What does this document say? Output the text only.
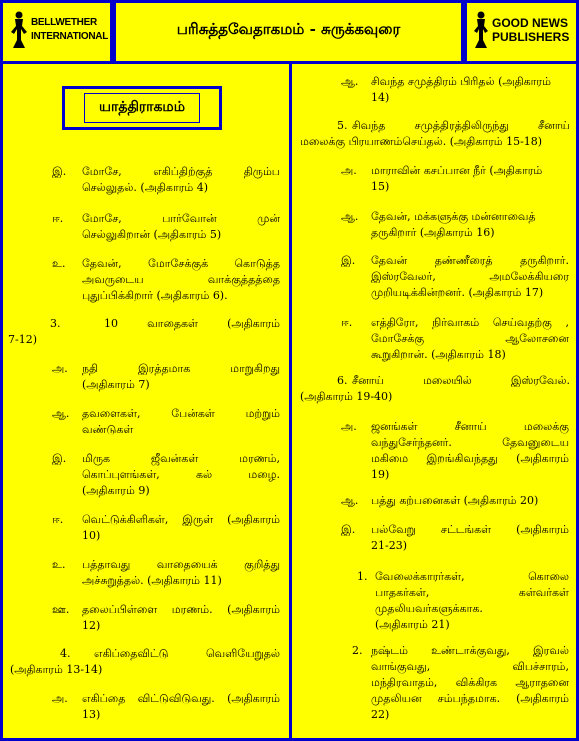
BELLWETHER
INTERNATIONAL	பரிசுத்தவேதாகமம் - சுருக்கவுரை	GOOD NEWS
PUBLISHERS
யாத்திராகமம்
இ. மோசே, எகிப்திற்குத் திரும்ப
செல்லுதல். (அதிகாரம் 4)
ஈ. மோசே, பார்வோன் முன்
செல்லுகிறான் (அதிகாரம் 5)
உ. தேவன், மோசேக்குக் கொடுத்த
அவருடைய வாக்குத்தத்தை
புதுப்பிக்கிறார் (அதிகாரம் 6).
3.	10 வாதைகள் (அதிகாரம்
7-12)
அ. நதி இரத்தமாக மாறுகிறது
(அதிகாரம் 7)
ஆ. தவளைகள், பேன்கள் மற்றும்
வண்டுகள்
இ. மிருக ஜீவன்கள் மரணம்,
கொப்புளங்கள், கல் மழை.
(அதிகாரம் 9)
ஈ. வெட்டுக்கிளிகள், இருள் (அதிகாரம்
10)
உ. பத்தாவது வாதையைக் குறித்து
அச்சுறுத்தல். (அதிகாரம் 11)
ஊ. தலைப்பிள்ளை மரணம். (அதிகாரம்
12)
4. எகிப்தைவிட்டு வெளியேறுதல்
(அதிகாரம் 13-14)
அ. எகிப்தை விட்டுவிடுவது. (அதிகாரம்
13)
ஆ. சிவந்த சமுத்திரம் பிரிதல் (அதிகாரம்
14)
5. சிவந்த சமுத்திரத்திலிருந்து சீனாய்
மலைக்கு பிரயாணம்செய்தல். (அதிகாரம் 15-18)
அ. மாராவின் கசப்பான நீர் (அதிகாரம்
15)
ஆ. தேவன், மக்களுக்கு மன்னாவைத்
தருகிறார் (அதிகாரம் 16)
இ. தேவன் தண்ணீரைத் தருகிறார்.
இஸ்ரவேலர், அமலேக்கியரை
முறியடிக்கின்றனர். (அதிகாரம் 17)
ஈ. எத்திரோ, நிர்வாகம் செய்வதற்கு ,
மோசேக்கு ஆலோசனை
கூறுகிறான். (அதிகாரம் 18)
6. சீனாய் மலையில் இஸ்ரவேல்.
(அதிகாரம் 19-40)
அ. ஜனங்கள் சீனாய் மலைக்கு
வந்துசேர்ந்தனர். தேவனுடைய
மகிமை இறங்கிவந்தது (அதிகாரம்
19)
ஆ. பத்து கற்பனைகள் (அதிகாரம் 20)
இ. பல்வேறு சட்டங்கள் (அதிகாரம்
21-23)
1. வேலைக்காரர்கள், கொலை
பாதகர்கள், கள்வர்கள்
முதலியவர்களுக்காக.
(அதிகாரம் 21)
2. நஷ்டம் உண்டாக்குவது, இரவல்
வாங்குவது, விபச்சாரம்,
மந்திரவாதம், விக்கிரக ஆராதனை
முதலியன சம்பந்தமாக. (அதிகாரம்
22)
